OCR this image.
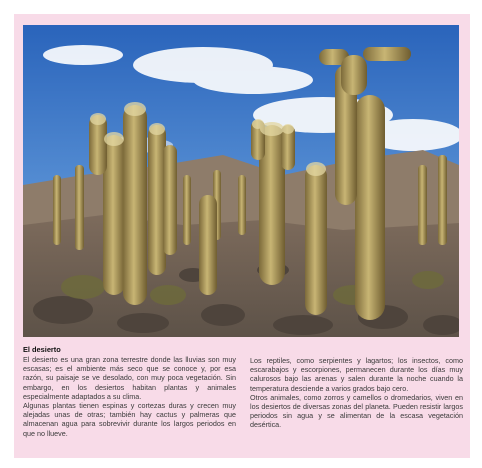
El desierto

El desierto es una gran zona terrestre donde las lluvias son muy escasas; es el ambiente más seco que se conoce y, por esa razón, su paisaje se ve desolado, con muy poca vegetación. Sin embargo, en los desiertos habitan plantas y animales especialmente adaptados a su clima.

Algunas plantas tienen espinas y cortezas duras y crecen muy alejadas unas de otras; también hay cactus y palmeras que almacenan agua para sobrevivir durante los largos periodos en que no llueve.

Los reptiles, como serpientes y lagartos; los insectos, como escarabajos y escorpiones, permanecen durante los días muy calurosos bajo las arenas y salen durante la noche cuando la temperatura desciende a varios grados bajo cero.

Otros animales, como zorros y camellos o dromedarios, viven en los desiertos de diversas zonas del planeta. Pueden resistir largos periodos sin agua y se alimentan de la escasa vegetación desértica.
